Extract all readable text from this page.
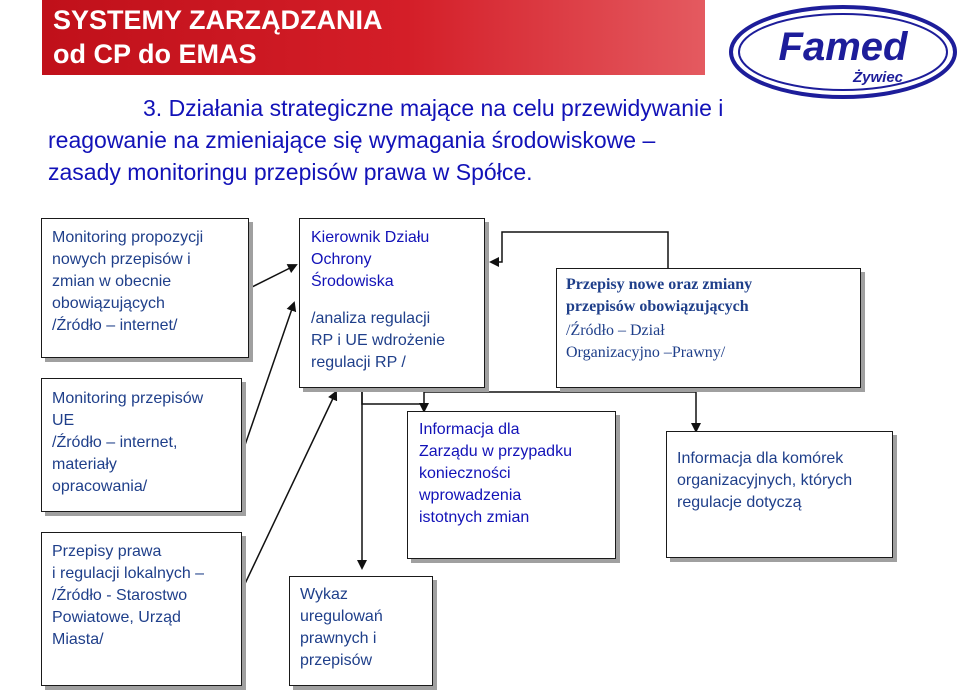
SYSTEMY ZARZĄDZANIA
od CP do EMAS	Famed
Żywiec
3. Działania strategiczne mające na celu przewidywanie i
reagowanie na zmieniające się wymagania środowiskowe –
zasady monitoringu przepisów prawa w Spółce.
Monitoring propozycji
nowych przepisów i
zmian w obecnie
obowiązujących
/Źródło – internet/
Monitoring przepisów
UE
/Źródło – internet,
materiały
opracowania/
Przepisy prawa
i regulacji lokalnych –
/Źródło - Starostwo
Powiatowe, Urząd
Miasta/
Kierownik Działu
Ochrony
Środowiska
/analiza regulacji
RP i UE wdrożenie
regulacji RP /
Przepisy nowe oraz zmiany
przepisów obowiązujących
/Źródło – Dział
Organizacyjno –Prawny/
Wykaz
uregulowań
prawnych i
przepisów
Informacja dla
Zarządu w przypadku
konieczności
wprowadzenia
istotnych zmian
Informacja dla komórek
organizacyjnych, których
regulacje dotyczą
